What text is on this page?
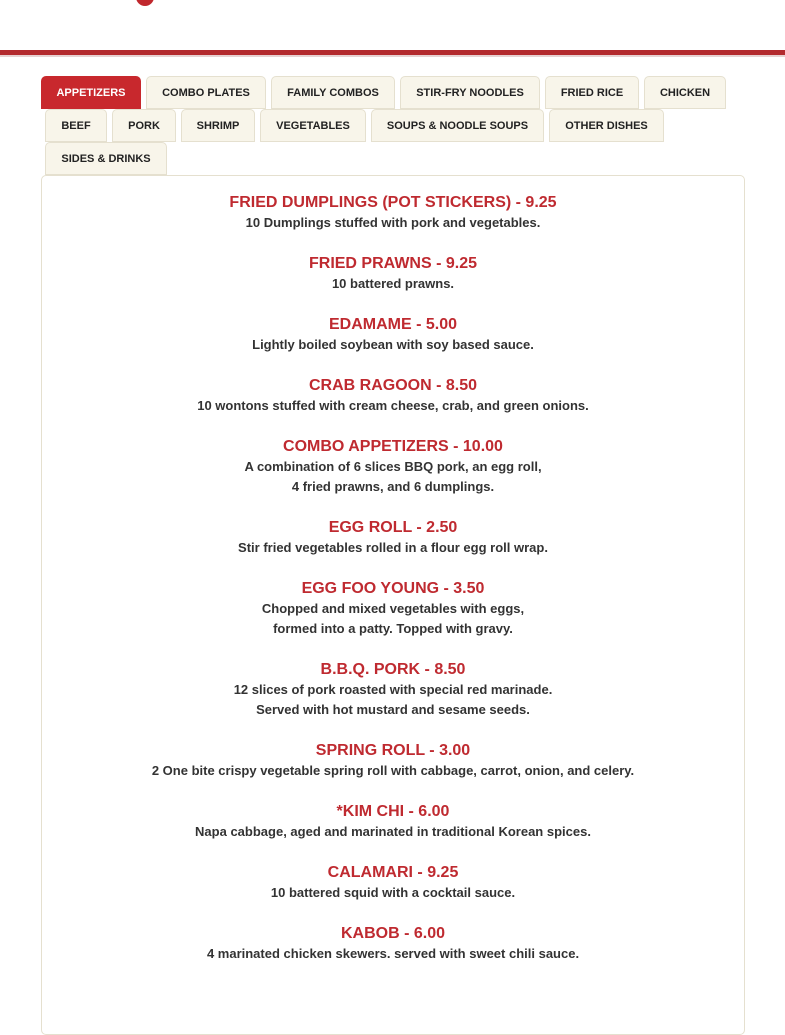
APPETIZERS	COMBO PLATES	FAMILY COMBOS	STIR-FRY NOODLES	FRIED RICE	CHICKEN
BEEF	PORK	SHRIMP	VEGETABLES	SOUPS & NOODLE SOUPS	OTHER DISHES
SIDES & DRINKS
FRIED DUMPLINGS (POT STICKERS) - 9.25
10 Dumplings stuffed with pork and vegetables.
FRIED PRAWNS - 9.25
10 battered prawns.
EDAMAME - 5.00
Lightly boiled soybean with soy based sauce.
CRAB RAGOON - 8.50
10 wontons stuffed with cream cheese, crab, and green onions.
COMBO APPETIZERS - 10.00
A combination of 6 slices BBQ pork, an egg roll,
4 fried prawns, and 6 dumplings.
EGG ROLL - 2.50
Stir fried vegetables rolled in a flour egg roll wrap.
EGG FOO YOUNG - 3.50
Chopped and mixed vegetables with eggs,
formed into a patty. Topped with gravy.
B.B.Q. PORK - 8.50
12 slices of pork roasted with special red marinade.
Served with hot mustard and sesame seeds.
SPRING ROLL - 3.00
2 One bite crispy vegetable spring roll with cabbage, carrot, onion, and celery.
*KIM CHI - 6.00
Napa cabbage, aged and marinated in traditional Korean spices.
CALAMARI - 9.25
10 battered squid with a cocktail sauce.
KABOB - 6.00
4 marinated chicken skewers. served with sweet chili sauce.
